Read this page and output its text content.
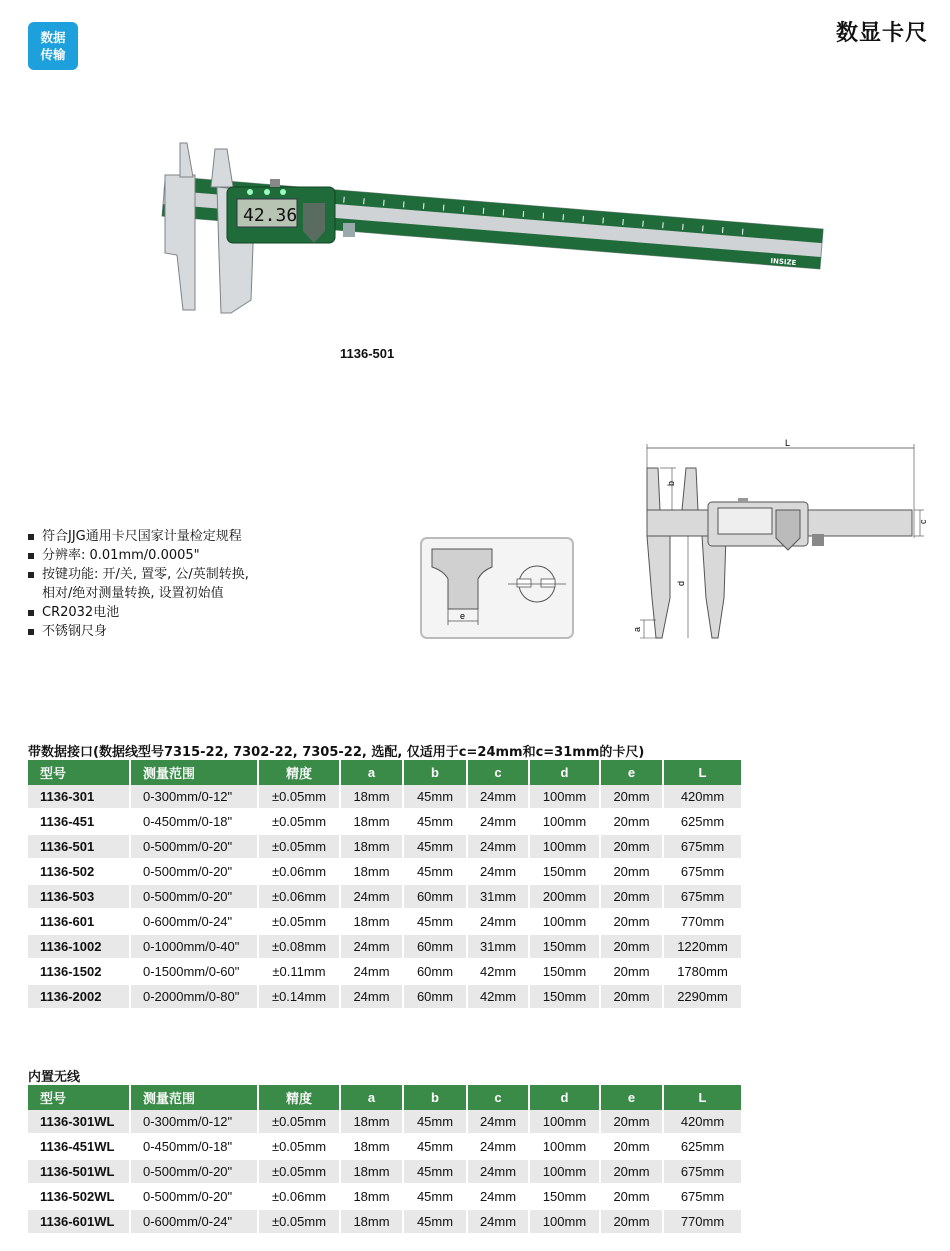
数据
传输
数显卡尺
INSIZE
42.36
1136-501
符合JJG通用卡尺国家计量检定规程
分辨率: 0.01mm/0.0005"
按键功能: 开/关, 置零, 公/英制转换,
相对/绝对测量转换, 设置初始值
CR2032电池
不锈钢尺身
e
L
b
c
d
a
带数据接口(数据线型号7315-22, 7302-22, 7305-22, 选配, 仅适用于c=24mm和c=31mm的卡尺)
型号	测量范围	精度	a	b	c	d	e	L
1136-301	0-300mm/0-12"	±0.05mm	18mm	45mm	24mm	100mm	20mm	420mm
1136-451	0-450mm/0-18"	±0.05mm	18mm	45mm	24mm	100mm	20mm	625mm
1136-501	0-500mm/0-20"	±0.05mm	18mm	45mm	24mm	100mm	20mm	675mm
1136-502	0-500mm/0-20"	±0.06mm	18mm	45mm	24mm	150mm	20mm	675mm
1136-503	0-500mm/0-20"	±0.06mm	24mm	60mm	31mm	200mm	20mm	675mm
1136-601	0-600mm/0-24"	±0.05mm	18mm	45mm	24mm	100mm	20mm	770mm
1136-1002	0-1000mm/0-40"	±0.08mm	24mm	60mm	31mm	150mm	20mm	1220mm
1136-1502	0-1500mm/0-60"	±0.11mm	24mm	60mm	42mm	150mm	20mm	1780mm
1136-2002	0-2000mm/0-80"	±0.14mm	24mm	60mm	42mm	150mm	20mm	2290mm
内置无线
型号	测量范围	精度	a	b	c	d	e	L
1136-301WL	0-300mm/0-12"	±0.05mm	18mm	45mm	24mm	100mm	20mm	420mm
1136-451WL	0-450mm/0-18"	±0.05mm	18mm	45mm	24mm	100mm	20mm	625mm
1136-501WL	0-500mm/0-20"	±0.05mm	18mm	45mm	24mm	100mm	20mm	675mm
1136-502WL	0-500mm/0-20"	±0.06mm	18mm	45mm	24mm	150mm	20mm	675mm
1136-601WL	0-600mm/0-24"	±0.05mm	18mm	45mm	24mm	100mm	20mm	770mm
